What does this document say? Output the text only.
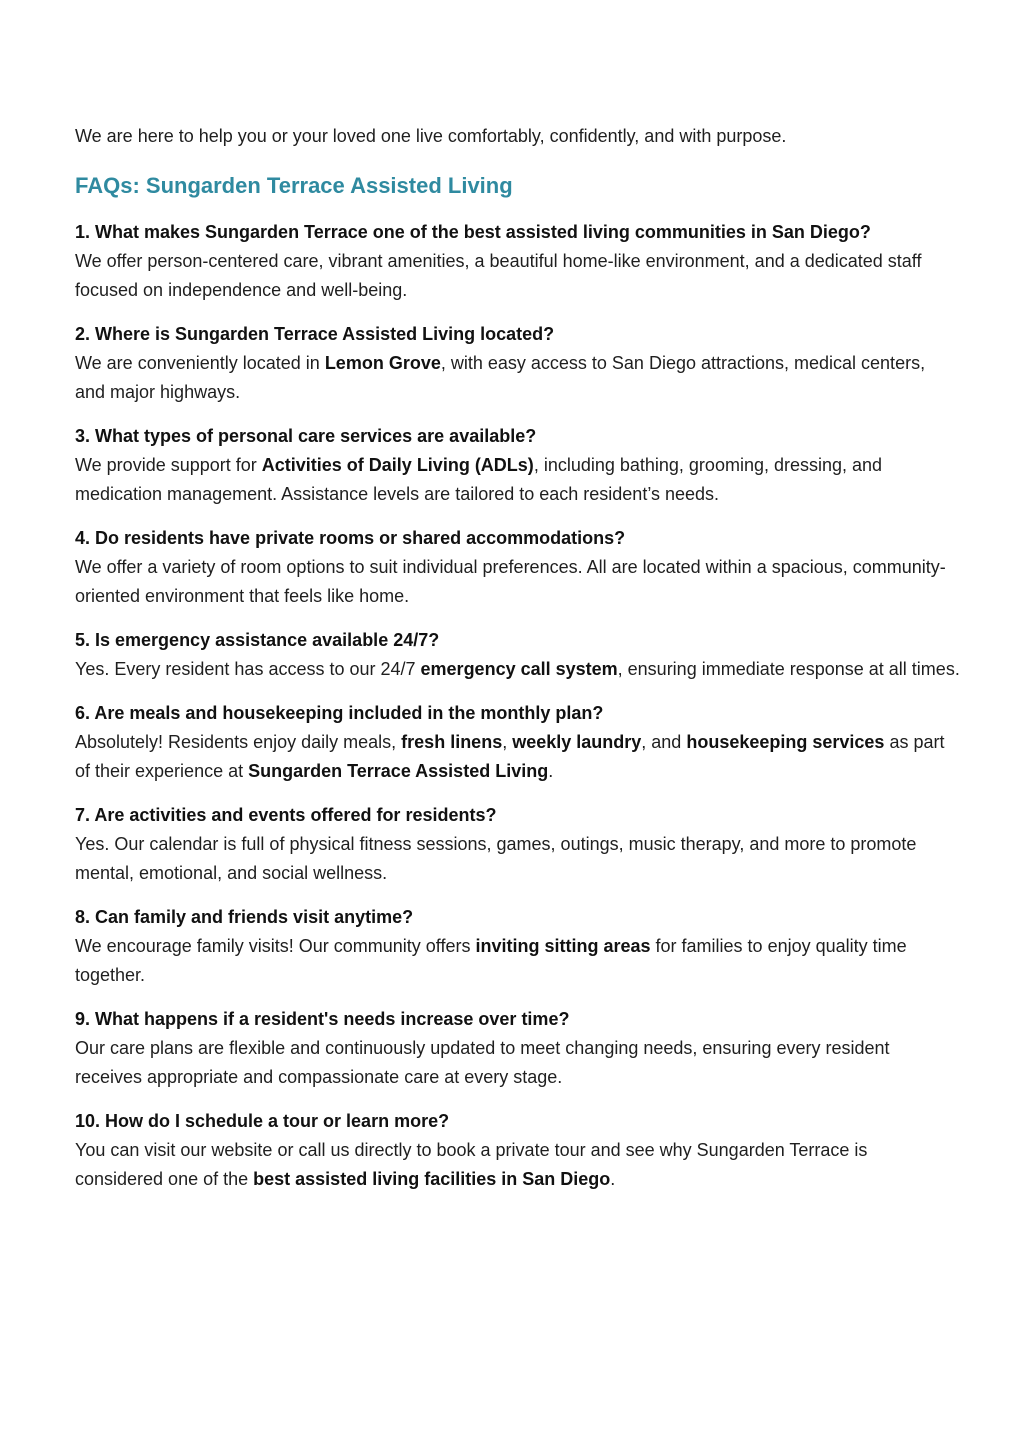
We are here to help you or your loved one live comfortably, confidently, and with purpose.

FAQs: Sungarden Terrace Assisted Living

1. What makes Sungarden Terrace one of the best assisted living communities in San Diego?

We offer person-centered care, vibrant amenities, a beautiful home-like environment, and a dedicated staff focused on independence and well-being.

2. Where is Sungarden Terrace Assisted Living located?

We are conveniently located in Lemon Grove, with easy access to San Diego attractions, medical centers, and major highways.

3. What types of personal care services are available?

We provide support for Activities of Daily Living (ADLs), including bathing, grooming, dressing, and medication management. Assistance levels are tailored to each resident’s needs.

4. Do residents have private rooms or shared accommodations?

We offer a variety of room options to suit individual preferences. All are located within a spacious, community-oriented environment that feels like home.

5. Is emergency assistance available 24/7?

Yes. Every resident has access to our 24/7 emergency call system, ensuring immediate response at all times.

6. Are meals and housekeeping included in the monthly plan?

Absolutely! Residents enjoy daily meals, fresh linens, weekly laundry, and housekeeping services as part of their experience at Sungarden Terrace Assisted Living.

7. Are activities and events offered for residents?

Yes. Our calendar is full of physical fitness sessions, games, outings, music therapy, and more to promote mental, emotional, and social wellness.

8. Can family and friends visit anytime?

We encourage family visits! Our community offers inviting sitting areas for families to enjoy quality time together.

9. What happens if a resident's needs increase over time?

Our care plans are flexible and continuously updated to meet changing needs, ensuring every resident receives appropriate and compassionate care at every stage.

10. How do I schedule a tour or learn more?

You can visit our website or call us directly to book a private tour and see why Sungarden Terrace is considered one of the best assisted living facilities in San Diego.
